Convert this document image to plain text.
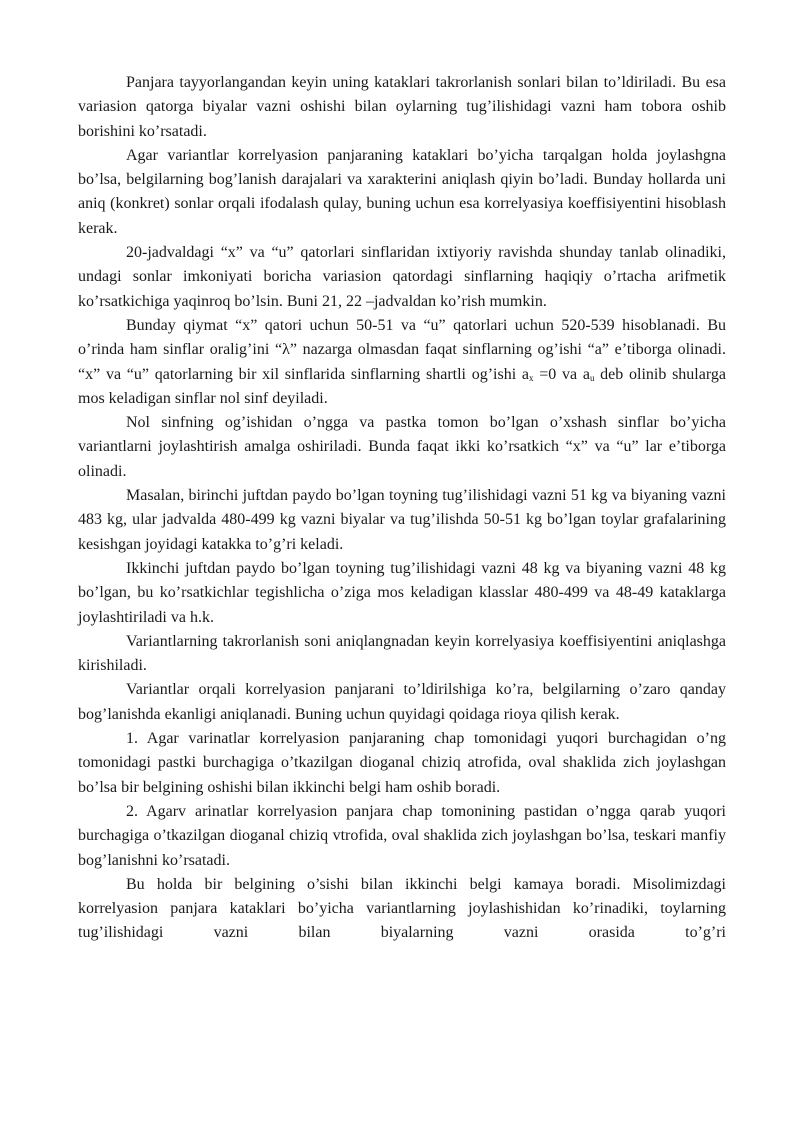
Panjara tayyorlangandan keyin uning kataklari takrorlanish sonlari bilan to’ldiriladi. Bu esa variasion qatorga biyalar vazni oshishi bilan oylarning tug’ilishidagi vazni ham tobora oshib borishini ko’rsatadi.

Agar variantlar korrelyasion panjaraning kataklari bo’yicha tarqalgan holda joylashgna bo’lsa, belgilarning bog’lanish darajalari va xarakterini aniqlash qiyin bo’ladi. Bunday hollarda uni aniq (konkret) sonlar orqali ifodalash qulay, buning uchun esa korrelyasiya koeffisiyentini hisoblash kerak.

20-jadvaldagi “x” va “u” qatorlari sinflaridan ixtiyoriy ravishda shunday tanlab olinadiki, undagi sonlar imkoniyati boricha variasion qatordagi sinflarning haqiqiy o’rtacha arifmetik ko’rsatkichiga yaqinroq bo’lsin. Buni 21, 22 –jadvaldan ko’rish mumkin.

Bunday qiymat “x” qatori uchun 50-51 va “u” qatorlari uchun 520-539 hisoblanadi. Bu o’rinda ham sinflar oralig’ini “λ” nazarga olmasdan faqat sinflarning og’ishi “a” e’tiborga olinadi. “x” va “u” qatorlarning bir xil sinflarida sinflarning shartli og’ishi $a_x =0$ va $a_u$ deb olinib shularga mos keladigan sinflar nol sinf deyiladi.

Nol sinfning og’ishidan o’ngga va pastka tomon bo’lgan o’xshash sinflar bo’yicha variantlarni joylashtirish amalga oshiriladi. Bunda faqat ikki ko’rsatkich “x” va “u” lar e’tiborga olinadi.

Masalan, birinchi juftdan paydo bo’lgan toyning tug’ilishidagi vazni 51 kg va biyaning vazni 483 kg, ular jadvalda 480-499 kg vazni biyalar va tug’ilishda 50-51 kg bo’lgan toylar grafalarining kesishgan joyidagi katakka to’g’ri keladi.

Ikkinchi juftdan paydo bo’lgan toyning tug’ilishidagi vazni 48 kg va biyaning vazni 48 kg bo’lgan, bu ko’rsatkichlar tegishlicha o’ziga mos keladigan klasslar 480-499 va 48-49 kataklarga joylashtiriladi va h.k.

Variantlarning takrorlanish soni aniqlangnadan keyin korrelyasiya koeffisiyentini aniqlashga kirishiladi.

Variantlar orqali korrelyasion panjarani to’ldirilshiga ko’ra, belgilarning o’zaro qanday bog’lanishda ekanligi aniqlanadi. Buning uchun quyidagi qoidaga rioya qilish kerak.

1. Agar varinatlar korrelyasion panjaraning chap tomonidagi yuqori burchagidan o’ng tomonidagi pastki burchagiga o’tkazilgan dioganal chiziq atrofida, oval shaklida zich joylashgan bo’lsa bir belgining oshishi bilan ikkinchi belgi ham oshib boradi.

2. Agarv arinatlar korrelyasion panjara chap tomonining pastidan o’ngga qarab yuqori burchagiga o’tkazilgan dioganal chiziq vtrofida, oval shaklida zich joylashgan bo’lsa, teskari manfiy bog’lanishni ko’rsatadi.

Bu holda bir belgining o’sishi bilan ikkinchi belgi kamaya boradi. Misolimizdagi korrelyasion panjara kataklari bo’yicha variantlarning joylashishidan ko’rinadiki, toylarning tug’ilishidagi vazni bilan biyalarning vazni orasida to’g’ri
